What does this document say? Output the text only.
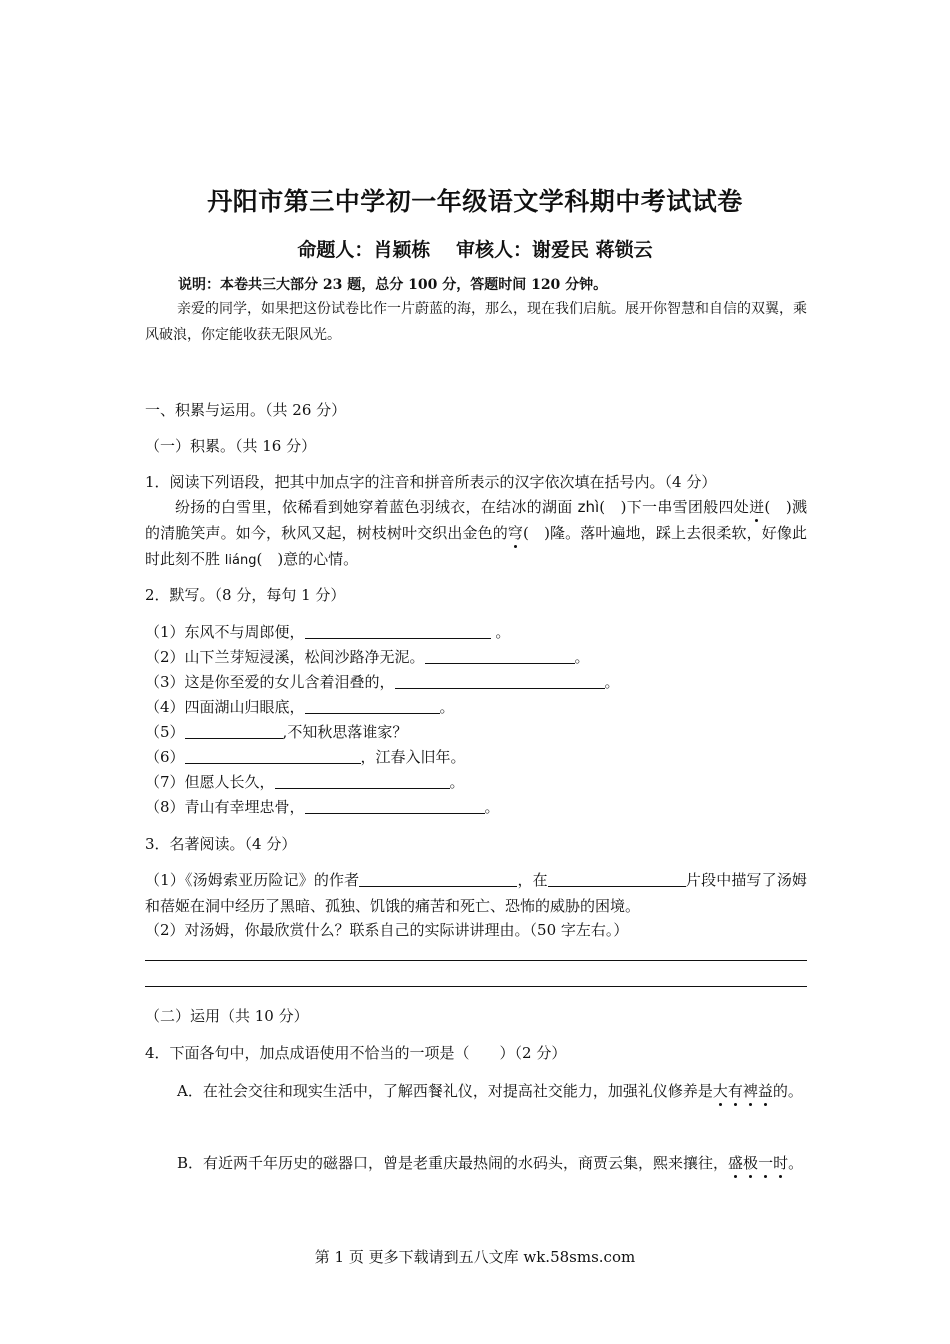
丹阳市第三中学初一年级语文学科期中考试试卷
命题人：肖颖栋　 审核人：谢爱民 蒋锁云
说明：本卷共三大部分 23 题，总分 100 分，答题时间 120 分钟。
亲爱的同学，如果把这份试卷比作一片蔚蓝的海，那么，现在我们启航。展开你智慧和自信的双翼，乘风破浪，你定能收获无限风光。
一、积累与运用。（共 26 分）
（一）积累。（共 16 分）
1．阅读下列语段，把其中加点字的注音和拼音所表示的汉字依次填在括号内。（4 分）
纷扬的白雪里，依稀看到她穿着蓝色羽绒衣，在结冰的湖面 zhì(　)下一串雪团般四处迸(　)溅的清脆笑声。如今，秋风又起，树枝树叶交织出金色的穹(　)隆。落叶遍地，踩上去很柔软，好像此时此刻不胜 liáng(　)意的心情。
2．默写。（8 分，每句 1 分）
（1）东风不与周郎便，	。
（2）山下兰芽短浸溪，松间沙路净无泥。	。
（3）这是你至爱的女儿含着泪叠的，	。
（4）四面湖山归眼底，	。
（5）	,不知秋思落谁家？
（6）	，江春入旧年。
（7）但愿人长久，	。
（8）青山有幸埋忠骨，	。
3．名著阅读。（4 分）
（1）《汤姆索亚历险记》的作者	，在	片段中描写了汤姆和蓓姬在洞中经历了黑暗、孤独、饥饿的痛苦和死亡、恐怖的威胁的困境。
（2）对汤姆，你最欣赏什么？联系自己的实际讲讲理由。（50 字左右。）
（二）运用（共 10 分）
4．下面各句中，加点成语使用不恰当的一项是（　　）（2 分）
A．在社会交往和现实生活中，了解西餐礼仪，对提高社交能力，加强礼仪修养是大有裨益的。
B．有近两千年历史的磁器口，曾是老重庆最热闹的水码头，商贾云集，熙来攘往，盛极一时。
第 1 页 更多下载请到五八文库 wk.58sms.com
